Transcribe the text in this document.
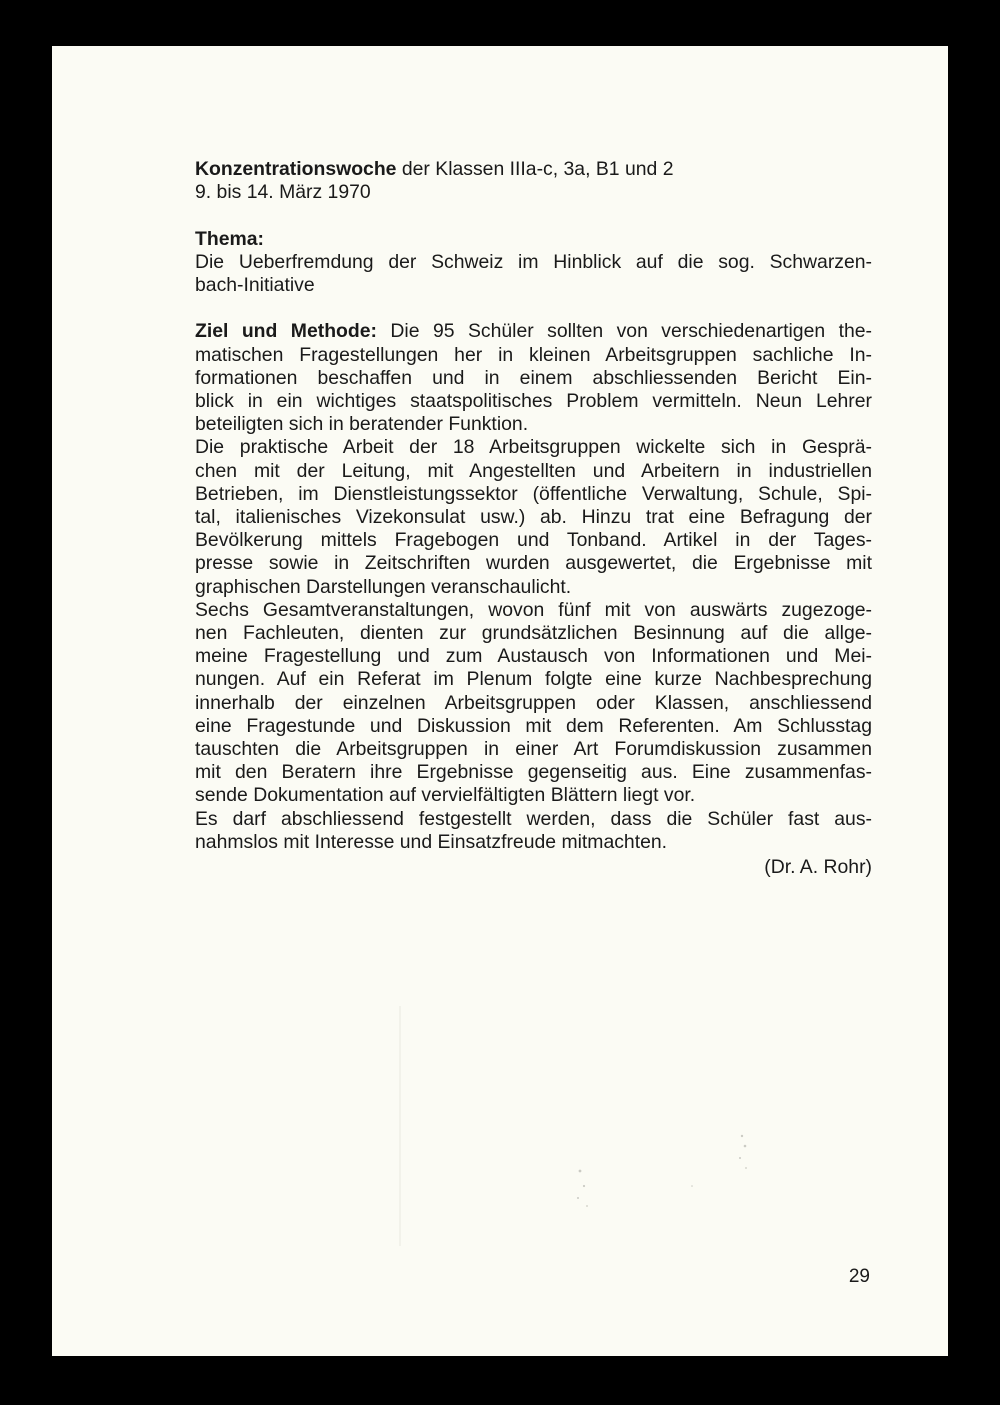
Konzentrationswoche der Klassen IIIa-c, 3a, B1 und 2
9. bis 14. März 1970
Thema:
Die Ueberfremdung der Schweiz im Hinblick auf die sog. Schwarzen-
bach-Initiative
Ziel und Methode: Die 95 Schüler sollten von verschiedenartigen the-
matischen Fragestellungen her in kleinen Arbeitsgruppen sachliche In-
formationen beschaffen und in einem abschliessenden Bericht Ein-
blick in ein wichtiges staatspolitisches Problem vermitteln. Neun Lehrer
beteiligten sich in beratender Funktion.
Die praktische Arbeit der 18 Arbeitsgruppen wickelte sich in Gesprä-
chen mit der Leitung, mit Angestellten und Arbeitern in industriellen
Betrieben, im Dienstleistungssektor (öffentliche Verwaltung, Schule, Spi-
tal, italienisches Vizekonsulat usw.) ab. Hinzu trat eine Befragung der
Bevölkerung mittels Fragebogen und Tonband. Artikel in der Tages-
presse sowie in Zeitschriften wurden ausgewertet, die Ergebnisse mit
graphischen Darstellungen veranschaulicht.
Sechs Gesamtveranstaltungen, wovon fünf mit von auswärts zugezoge-
nen Fachleuten, dienten zur grundsätzlichen Besinnung auf die allge-
meine Fragestellung und zum Austausch von Informationen und Mei-
nungen. Auf ein Referat im Plenum folgte eine kurze Nachbesprechung
innerhalb der einzelnen Arbeitsgruppen oder Klassen, anschliessend
eine Fragestunde und Diskussion mit dem Referenten. Am Schlusstag
tauschten die Arbeitsgruppen in einer Art Forumdiskussion zusammen
mit den Beratern ihre Ergebnisse gegenseitig aus. Eine zusammenfas-
sende Dokumentation auf vervielfältigten Blättern liegt vor.
Es darf abschliessend festgestellt werden, dass die Schüler fast aus-
nahmslos mit Interesse und Einsatzfreude mitmachten.
(Dr. A. Rohr)
29
